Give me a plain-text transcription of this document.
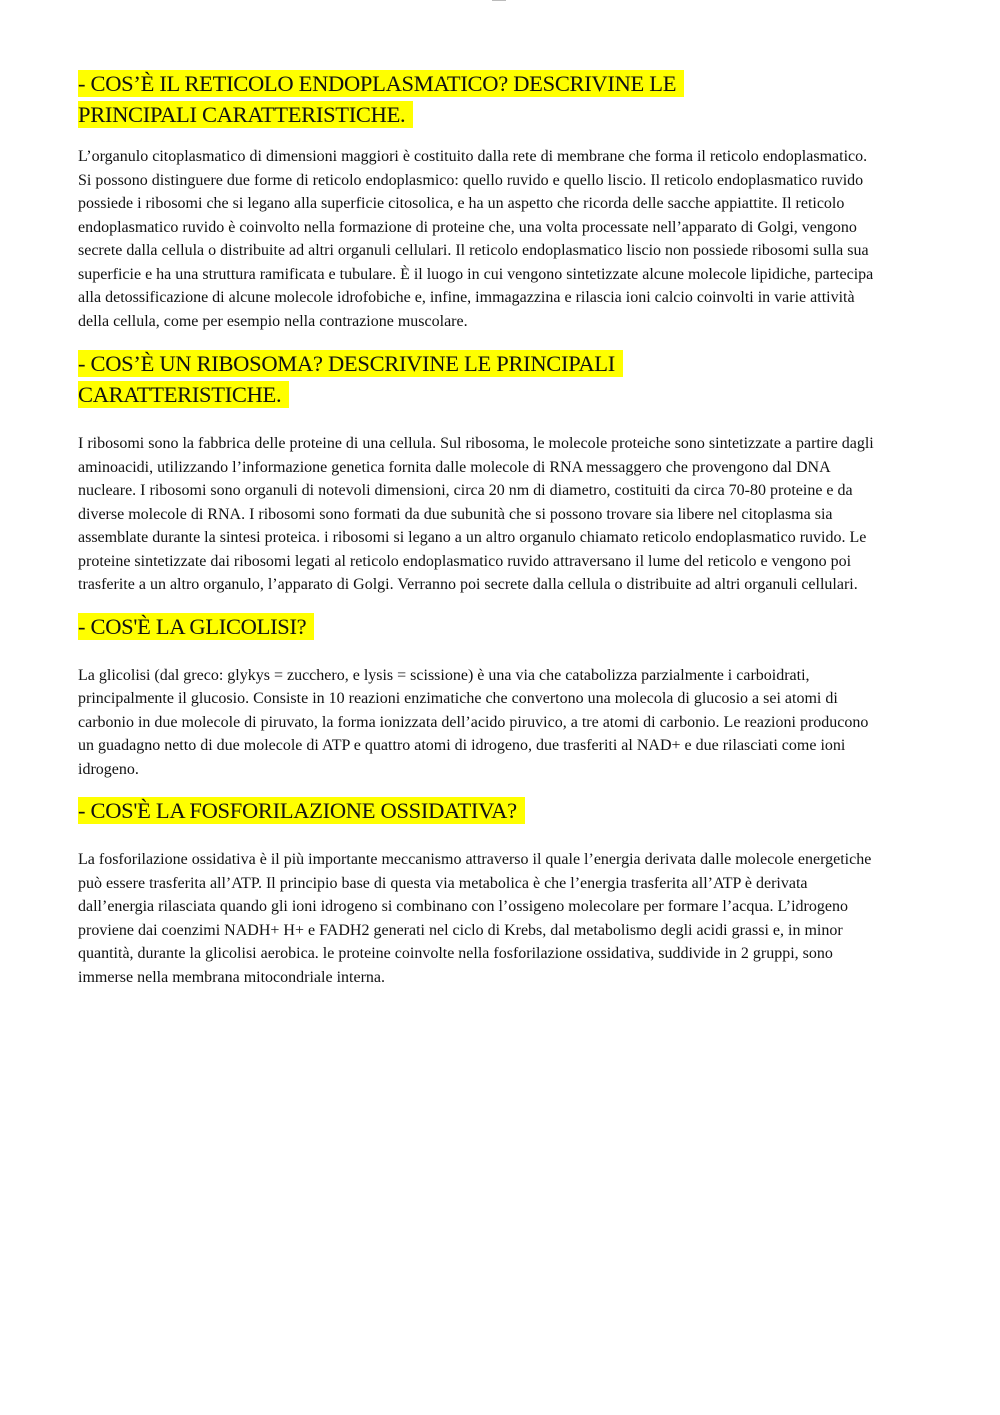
- COS’È IL RETICOLO ENDOPLASMATICO? DESCRIVINE LE PRINCIPALI CARATTERISTICHE.

L’organulo citoplasmatico di dimensioni maggiori è costituito dalla rete di membrane che forma il reticolo endoplasmatico. Si possono distinguere due forme di reticolo endoplasmico: quello ruvido e quello liscio. Il reticolo endoplasmatico ruvido possiede i ribosomi che si legano alla superficie citosolica, e ha un aspetto che ricorda delle sacche appiattite. Il reticolo endoplasmatico ruvido è coinvolto nella formazione di proteine che, una volta processate nell’apparato di Golgi, vengono secrete dalla cellula o distribuite ad altri organuli cellulari. Il reticolo endoplasmatico liscio non possiede ribosomi sulla sua superficie e ha una struttura ramificata e tubulare. È il luogo in cui vengono sintetizzate alcune molecole lipidiche, partecipa alla detossificazione di alcune molecole idrofobiche e, infine, immagazzina e rilascia ioni calcio coinvolti in varie attività della cellula, come per esempio nella contrazione muscolare.

- COS’È UN RIBOSOMA? DESCRIVINE LE PRINCIPALI CARATTERISTICHE.

I ribosomi sono la fabbrica delle proteine di una cellula. Sul ribosoma, le molecole proteiche sono sintetizzate a partire dagli aminoacidi, utilizzando l’informazione genetica fornita dalle molecole di RNA messaggero che provengono dal DNA nucleare. I ribosomi sono organuli di notevoli dimensioni, circa 20 nm di diametro, costituiti da circa 70-80 proteine e da diverse molecole di RNA. I ribosomi sono formati da due subunità che si possono trovare sia libere nel citoplasma sia assemblate durante la sintesi proteica. i ribosomi si legano a un altro organulo chiamato reticolo endoplasmatico ruvido. Le proteine sintetizzate dai ribosomi legati al reticolo endoplasmatico ruvido attraversano il lume del reticolo e vengono poi trasferite a un altro organulo, l’apparato di Golgi. Verranno poi secrete dalla cellula o distribuite ad altri organuli cellulari.

- COS'È LA GLICOLISI?

La glicolisi (dal greco: glykys = zucchero, e lysis = scissione) è una via che catabolizza parzialmente i carboidrati, principalmente il glucosio. Consiste in 10 reazioni enzimatiche che convertono una molecola di glucosio a sei atomi di carbonio in due molecole di piruvato, la forma ionizzata dell’acido piruvico, a tre atomi di carbonio. Le reazioni producono un guadagno netto di due molecole di ATP e quattro atomi di idrogeno, due trasferiti al NAD+ e due rilasciati come ioni idrogeno.

- COS'È LA FOSFORILAZIONE OSSIDATIVA?

La fosforilazione ossidativa è il più importante meccanismo attraverso il quale l’energia derivata dalle molecole energetiche può essere trasferita all’ATP. Il principio base di questa via metabolica è che l’energia trasferita all’ATP è derivata dall’energia rilasciata quando gli ioni idrogeno si combinano con l’ossigeno molecolare per formare l’acqua. L’idrogeno proviene dai coenzimi NADH+ H+ e FADH2 generati nel ciclo di Krebs, dal metabolismo degli acidi grassi e, in minor quantità, durante la glicolisi aerobica. le proteine coinvolte nella fosforilazione ossidativa, suddivide in 2 gruppi, sono immerse nella membrana mitocondriale interna.
